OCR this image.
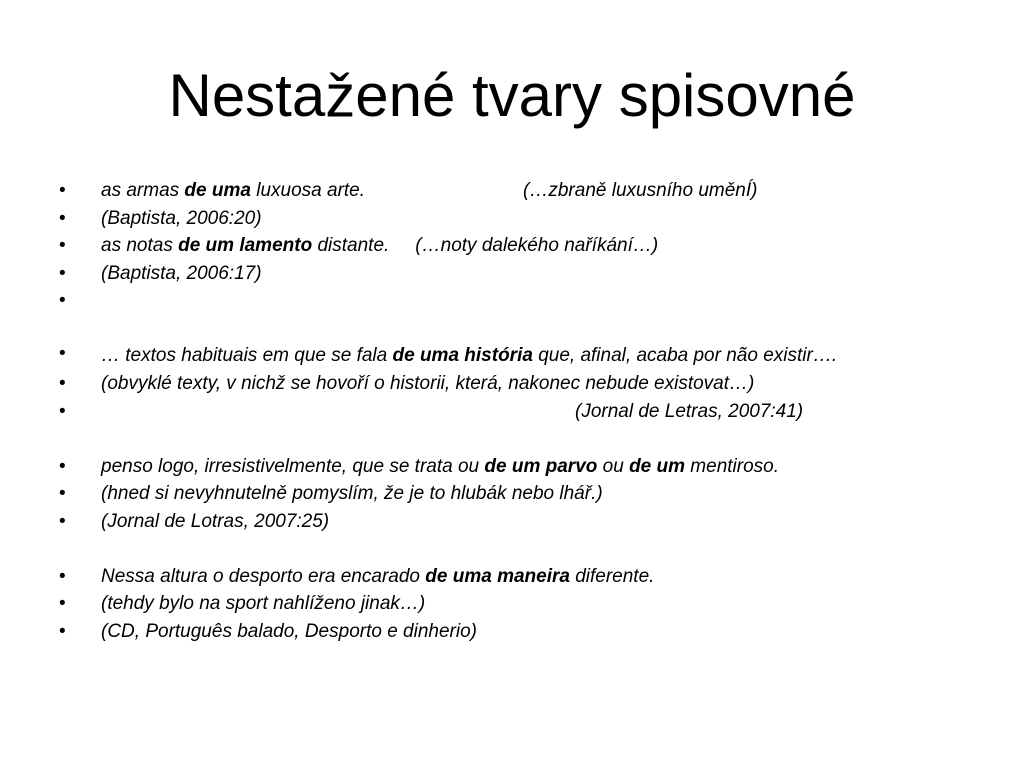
Nestažené tvary spisovné
• as armas de uma luxuosa arte.	(…zbraně luxusního uměnÍ)
• (Baptista, 2006:20)
• as notas de um lamento distante. (…noty dalekého naříkání…)
• (Baptista, 2006:17)
•

• … textos habituais em que se fala de uma história que, afinal, acaba por não existir….
• (obvyklé texty, v nichž se hovoří o historii, která, nakonec nebude existovat…)
•	(Jornal de Letras, 2007:41)
• penso logo, irresistivelmente, que se trata ou de um parvo ou de um mentiroso.
• (hned si nevyhnutelně pomyslím, že je to hlubák nebo lhář.)
• (Jornal de Lotras, 2007:25)
• Nessa altura o desporto era encarado de uma maneira diferente.
• (tehdy bylo na sport nahlíženo jinak…)
• (CD, Português balado, Desporto e dinherio)
